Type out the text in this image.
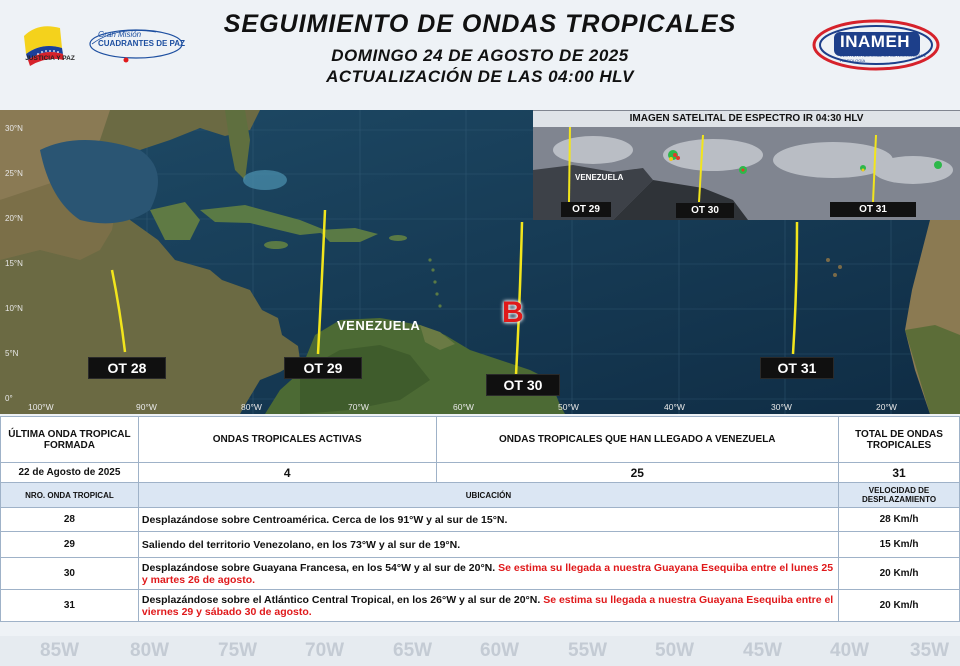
85W	80W	75W	70W	65W	60W	55W	50W	45W	40W 35W
JUSTICIA Y PAZ
Gran Misión
CUADRANTES DE PAZ
SEGUIMIENTO DE ONDAS TROPICALES
DOMINGO 24 DE AGOSTO DE 2025
ACTUALIZACIÓN DE LAS 04:00 HLV
INAMEH
INSTITUTO NACIONAL DE METEOROLOGÍA E HIDROLOGÍA
30°N
25°N
20°N
15°N
10°N
5°N
0°
VENEZUELA	B
OT 28	OT 29
OT 30
OT 31
100°W	90°W	80°W	70°W	60°W	50°W	40°W	30°W	20°W
IMAGEN SATELITAL DE ESPECTRO IR 04:30 HLV
VENEZUELA
OT 29	OT 30	OT 31
ÚLTIMA ONDA TROPICAL FORMADA	ONDAS TROPICALES ACTIVAS	ONDAS TROPICALES QUE HAN LLEGADO A VENEZUELA	TOTAL DE ONDAS TROPICALES
22 de Agosto de 2025	4	25	31
NRO. ONDA TROPICAL	UBICACIÓN		VELOCIDAD DE DESPLAZAMIENTO
28	Desplazándose sobre Centroamérica. Cerca de los 91°W y al sur de 15°N.		28 Km/h
29	Saliendo del territorio Venezolano, en los 73°W y al sur de 19°N.		15 Km/h
30	Desplazándose sobre Guayana Francesa, en los 54°W y al sur de 20°N. Se estima su llegada a nuestra Guayana Esequiba entre el lunes 25 y martes 26 de agosto.		20 Km/h
31	Desplazándose sobre el Atlántico Central Tropical, en los 26°W y al sur de 20°N. Se estima su llegada a nuestra Guayana Esequiba entre el viernes 29 y sábado 30 de agosto.		20 Km/h
